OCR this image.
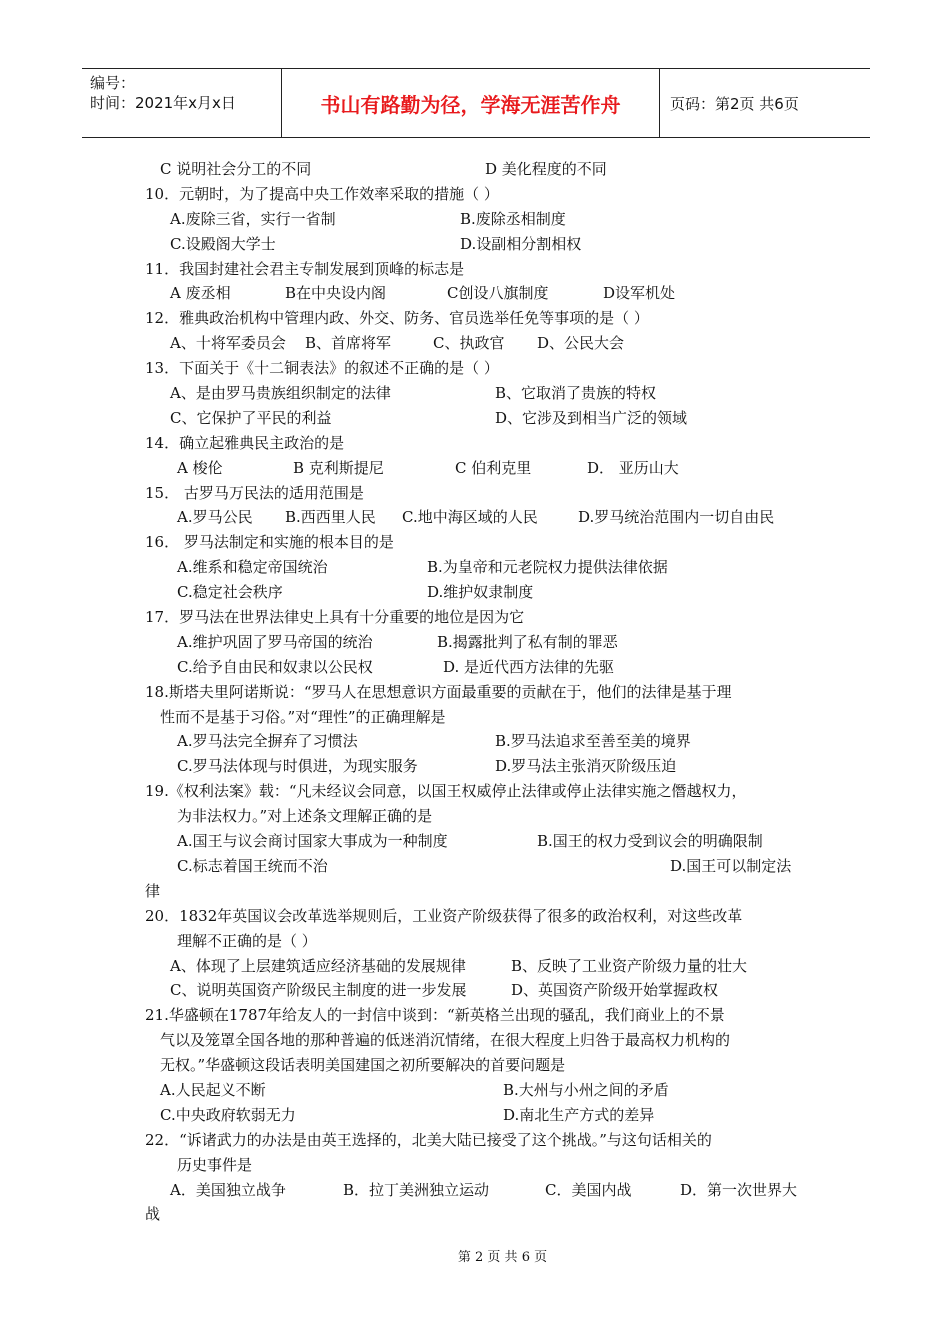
编号：
时间：2021年x月x日	书山有路勤为径，学海无涯苦作舟	页码：第2页 共6页
C 说明社会分工的不同	D 美化程度的不同
10．元朝时，为了提高中央工作效率采取的措施（ ）
A.废除三省，实行一省制	B.废除丞相制度
C.设殿阁大学士	D.设副相分割相权
11．我国封建社会君主专制发展到顶峰的标志是
A 废丞相	B在中央设内阁	C创设八旗制度	D设军机处
12．雅典政治机构中管理内政、外交、防务、官员选举任免等事项的是（ ）
A、十将军委员会 B、首席将军	C、执政官 D、公民大会
13．下面关于《十二铜表法》的叙述不正确的是（ ）
A、是由罗马贵族组织制定的法律	B、它取消了贵族的特权
C、它保护了平民的利益	D、它涉及到相当广泛的领域
14．确立起雅典民主政治的是
A 梭伦	B 克利斯提尼	C 伯利克里	D． 亚历山大
15． 古罗马万民法的适用范围是
A.罗马公民 B.西西里人民 C.地中海区域的人民	D.罗马统治范围内一切自由民
16． 罗马法制定和实施的根本目的是
A.维系和稳定帝国统治	B.为皇帝和元老院权力提供法律依据
C.稳定社会秩序	D.维护奴隶制度
17．罗马法在世界法律史上具有十分重要的地位是因为它
A.维护巩固了罗马帝国的统治	B.揭露批判了私有制的罪恶
C.给予自由民和奴隶以公民权	D. 是近代西方法律的先驱
18.斯塔夫里阿诺斯说：“罗马人在思想意识方面最重要的贡献在于，他们的法律是基于理
性而不是基于习俗。”对“理性”的正确理解是
A.罗马法完全摒弃了习惯法	B.罗马法追求至善至美的境界
C.罗马法体现与时俱进，为现实服务	D.罗马法主张消灭阶级压迫
19.《权利法案》载：“凡未经议会同意，以国王权威停止法律或停止法律实施之僭越权力，
为非法权力。”对上述条文理解正确的是
A.国王与议会商讨国家大事成为一种制度	B.国王的权力受到议会的明确限制
C.标志着国王统而不治	D.国王可以制定法
律
20．1832年英国议会改革选举规则后，工业资产阶级获得了很多的政治权利，对这些改革
理解不正确的是（ ）
A、体现了上层建筑适应经济基础的发展规律	B、反映了工业资产阶级力量的壮大
C、说明英国资产阶级民主制度的进一步发展	D、英国资产阶级开始掌握政权
21.华盛顿在1787年给友人的一封信中谈到：“新英格兰出现的骚乱，我们商业上的不景
气以及笼罩全国各地的那种普遍的低迷消沉情绪，在很大程度上归咎于最高权力机构的
无权。”华盛顿这段话表明美国建国之初所要解决的首要问题是
A.人民起义不断	B.大州与小州之间的矛盾
C.中央政府软弱无力	D.南北生产方式的差异
22．“诉诸武力的办法是由英王选择的，北美大陆已接受了这个挑战。”与这句话相关的
历史事件是
A．美国独立战争	B．拉丁美洲独立运动	C．美国内战	D．第一次世界大
战
第 2 页 共 6 页
